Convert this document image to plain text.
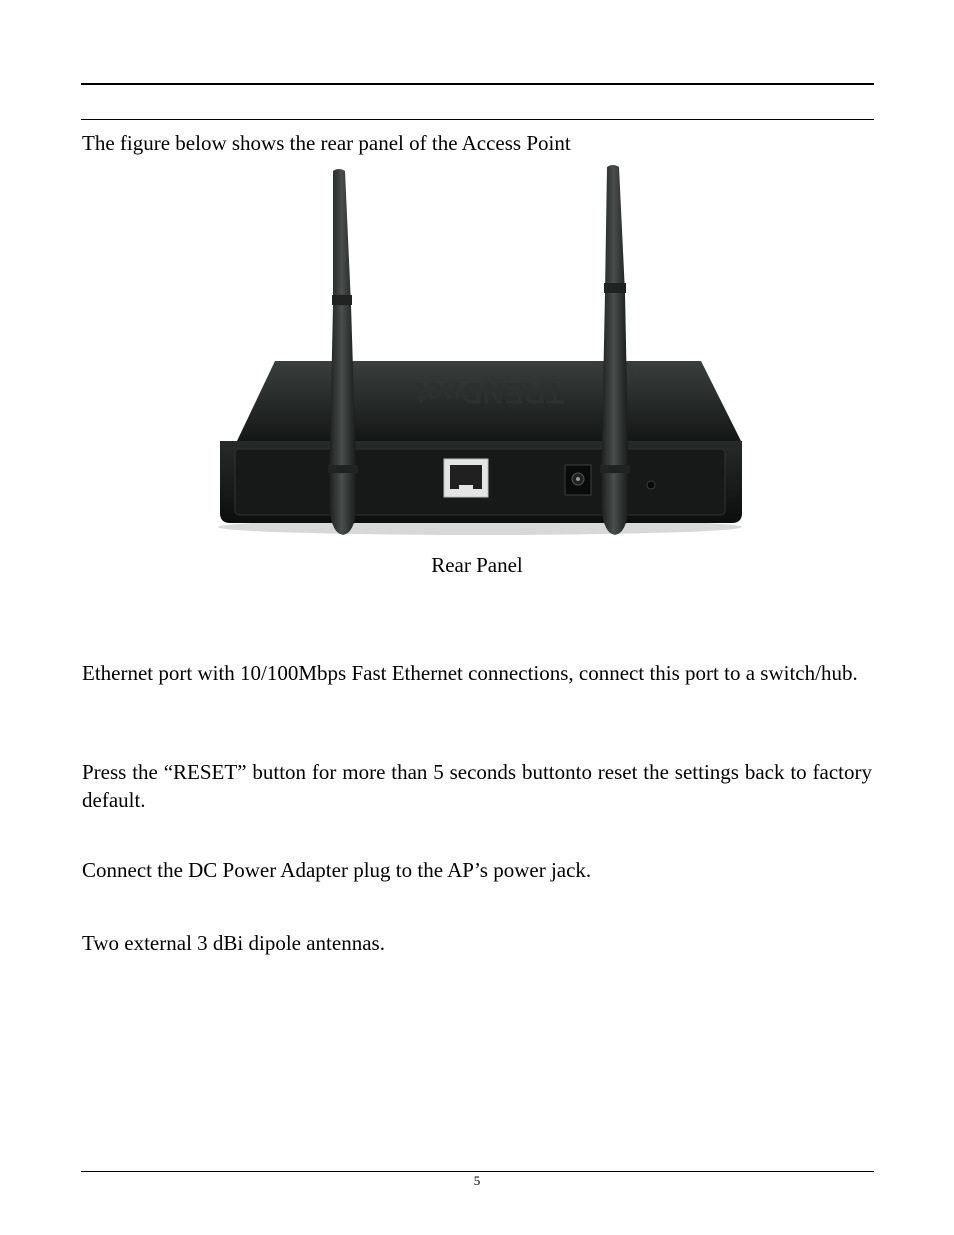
The figure below shows the rear panel of the Access Point

TRENDnet
Rear Panel

Ethernet port with 10/100Mbps Fast Ethernet connections, connect this port to a switch/hub.

Press the “RESET” button for more than 5 seconds buttonto reset the settings back to factory default.

Connect the DC Power Adapter plug to the AP’s power jack.

Two external 3 dBi dipole antennas.

5
